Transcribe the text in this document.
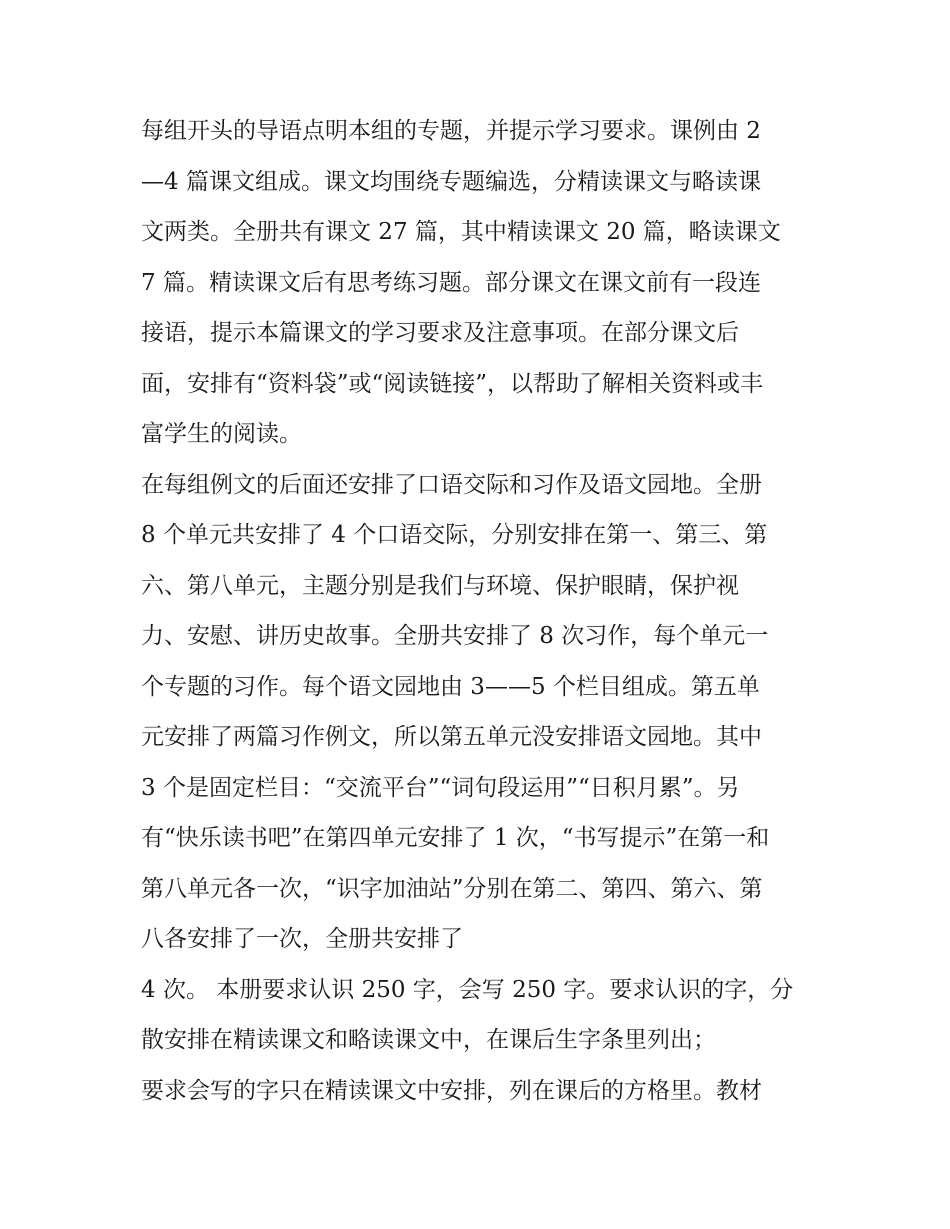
每组开头的导语点明本组的专题，并提示学习要求。课例由 2
—4 篇课文组成。课文均围绕专题编选，分精读课文与略读课
文两类。全册共有课文 27 篇，其中精读课文 20 篇，略读课文
7 篇。精读课文后有思考练习题。部分课文在课文前有一段连
接语，提示本篇课文的学习要求及注意事项。在部分课文后
面，安排有“资料袋”或“阅读链接”，以帮助了解相关资料或丰
富学生的阅读。
在每组例文的后面还安排了口语交际和习作及语文园地。全册
8 个单元共安排了 4 个口语交际，分别安排在第一、第三、第
六、第八单元，主题分别是我们与环境、保护眼睛，保护视
力、安慰、讲历史故事。全册共安排了 8 次习作，每个单元一
个专题的习作。每个语文园地由 3——5 个栏目组成。第五单
元安排了两篇习作例文，所以第五单元没安排语文园地。其中
3 个是固定栏目：“交流平台”“词句段运用”“日积月累”。另
有“快乐读书吧”在第四单元安排了 1 次，“书写提示”在第一和
第八单元各一次，“识字加油站”分别在第二、第四、第六、第
八各安排了一次，全册共安排了
4 次。 本册要求认识 250 字，会写 250 字。要求认识的字，分
散安排在精读课文和略读课文中，在课后生字条里列出；
要求会写的字只在精读课文中安排，列在课后的方格里。教材
